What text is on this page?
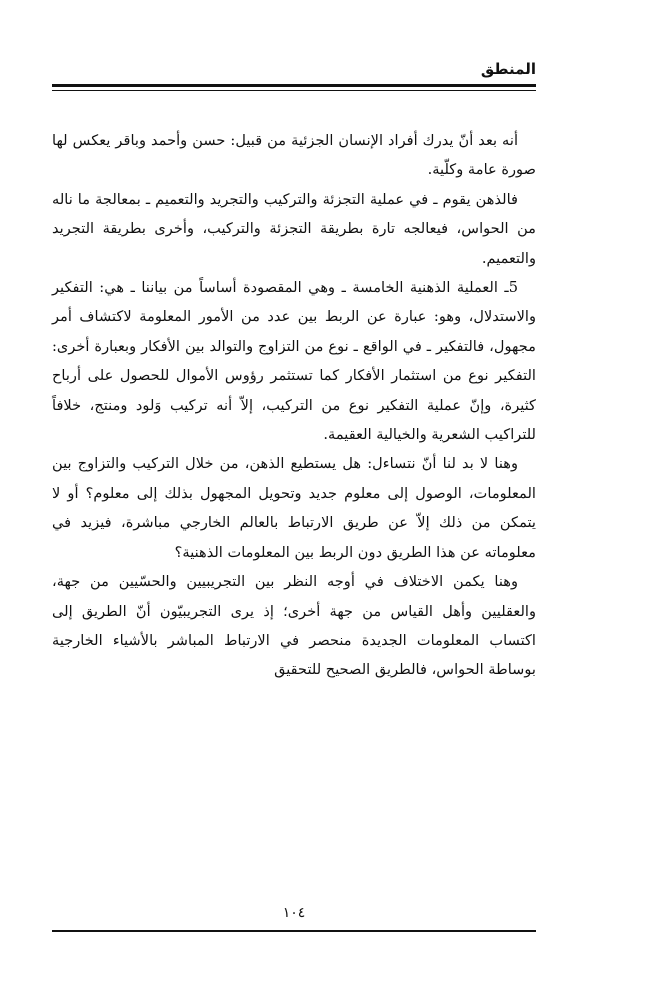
المنطق

أنه بعد أنّ يدرك أفراد الإنسان الجزئية من قبيل: حسن وأحمد وباقر يعكس لها صورة عامة وكلّية.

فالذهن يقوم ـ في عملية التجزئة والتركيب والتجريد والتعميم ـ بمعالجة ما ناله من الحواس، فيعالجه تارة بطريقة التجزئة والتركيب، وأخرى بطريقة التجريد والتعميم.

5ـ العملية الذهنية الخامسة ـ وهي المقصودة أساساً من بياننا ـ هي: التفكير والاستدلال، وهو: عبارة عن الربط بين عدد من الأمور المعلومة لاكتشاف أمر مجهول، فالتفكير ـ في الواقع ـ نوع من التزاوج والتوالد بين الأفكار وبعبارة أخرى: التفكير نوع من استثمار الأفكار كما تستثمر رؤوس الأموال للحصول على أرباح كثيرة، وإنّ عملية التفكير نوع من التركيب، إلاّ أنه تركيب وَلود ومنتج، خلافاً للتراكيب الشعرية والخيالية العقيمة.

وهنا لا بد لنا أنّ نتساءل: هل يستطيع الذهن، من خلال التركيب والتزاوج بين المعلومات، الوصول إلى معلوم جديد وتحويل المجهول بذلك إلى معلوم؟ أو لا يتمكن من ذلك إلاّ عن طريق الارتباط بالعالم الخارجي مباشرة، فيزيد في معلوماته عن هذا الطريق دون الربط بين المعلومات الذهنية؟

وهنا يكمن الاختلاف في أوجه النظر بين التجريبيين والحسّيين من جهة، والعقليين وأهل القياس من جهة أخرى؛ إذ يرى التجريبيّون أنّ الطريق إلى اكتساب المعلومات الجديدة منحصر في الارتباط المباشر بالأشياء الخارجية بوساطة الحواس، فالطريق الصحيح للتحقيق

١٠٤
